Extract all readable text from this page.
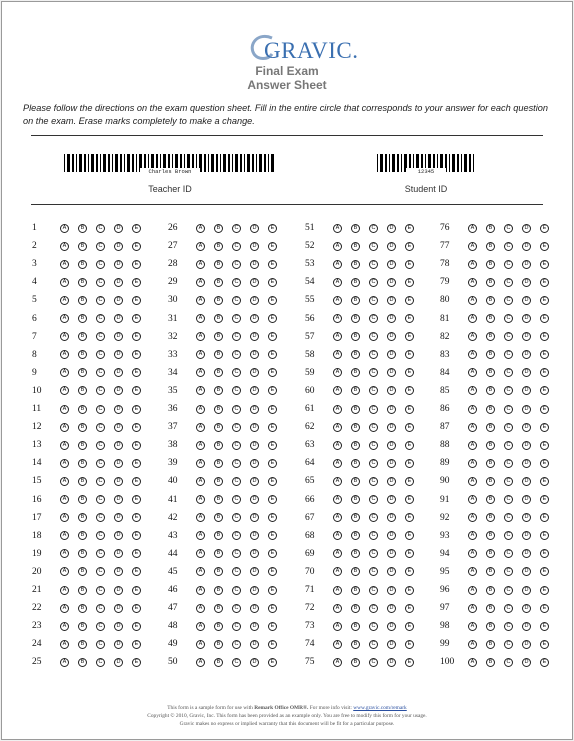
GRAVIC.
Final Exam
Answer Sheet
Please follow the directions on the exam question sheet. Fill in the entire circle that corresponds to your answer for each question on the exam. Erase marks completely to make a change.
Charles Brown
Teacher ID
12345
Student ID
1	A	B	C	D	E
2	A	B	C	D	E
3	A	B	C	D	E
4	A	B	C	D	E
5	A	B	C	D	E
6	A	B	C	D	E
7	A	B	C	D	E
8	A	B	C	D	E
9	A	B	C	D	E
10	A	B	C	D	E
11	A	B	C	D	E
12	A	B	C	D	E
13	A	B	C	D	E
14	A	B	C	D	E
15	A	B	C	D	E
16	A	B	C	D	E
17	A	B	C	D	E
18	A	B	C	D	E
19	A	B	C	D	E
20	A	B	C	D	E
21	A	B	C	D	E
22	A	B	C	D	E
23	A	B	C	D	E
24	A	B	C	D	E
25	A	B	C	D	E
26	A	B	C	D	E
27	A	B	C	D	E
28	A	B	C	D	E
29	A	B	C	D	E
30	A	B	C	D	E
31	A	B	C	D	E
32	A	B	C	D	E
33	A	B	C	D	E
34	A	B	C	D	E
35	A	B	C	D	E
36	A	B	C	D	E
37	A	B	C	D	E
38	A	B	C	D	E
39	A	B	C	D	E
40	A	B	C	D	E
41	A	B	C	D	E
42	A	B	C	D	E
43	A	B	C	D	E
44	A	B	C	D	E
45	A	B	C	D	E
46	A	B	C	D	E
47	A	B	C	D	E
48	A	B	C	D	E
49	A	B	C	D	E
50	A	B	C	D	E
51	A	B	C	D	E
52	A	B	C	D	E
53	A	B	C	D	E
54	A	B	C	D	E
55	A	B	C	D	E
56	A	B	C	D	E
57	A	B	C	D	E
58	A	B	C	D	E
59	A	B	C	D	E
60	A	B	C	D	E
61	A	B	C	D	E
62	A	B	C	D	E
63	A	B	C	D	E
64	A	B	C	D	E
65	A	B	C	D	E
66	A	B	C	D	E
67	A	B	C	D	E
68	A	B	C	D	E
69	A	B	C	D	E
70	A	B	C	D	E
71	A	B	C	D	E
72	A	B	C	D	E
73	A	B	C	D	E
74	A	B	C	D	E
75	A	B	C	D	E
76	A	B	C	D	E
77	A	B	C	D	E
78	A	B	C	D	E
79	A	B	C	D	E
80	A	B	C	D	E
81	A	B	C	D	E
82	A	B	C	D	E
83	A	B	C	D	E
84	A	B	C	D	E
85	A	B	C	D	E
86	A	B	C	D	E
87	A	B	C	D	E
88	A	B	C	D	E
89	A	B	C	D	E
90	A	B	C	D	E
91	A	B	C	D	E
92	A	B	C	D	E
93	A	B	C	D	E
94	A	B	C	D	E
95	A	B	C	D	E
96	A	B	C	D	E
97	A	B	C	D	E
98	A	B	C	D	E
99	A	B	C	D	E
100	A	B	C	D	E
This form is a sample form for use with Remark Office OMR®. For more info visit: www.gravic.com/remark
Copyright © 2010, Gravic, Inc. This form has been provided as an example only. You are free to modify this form for your usage.
Gravic makes no express or implied warranty that this document will be fit for a particular purpose.
